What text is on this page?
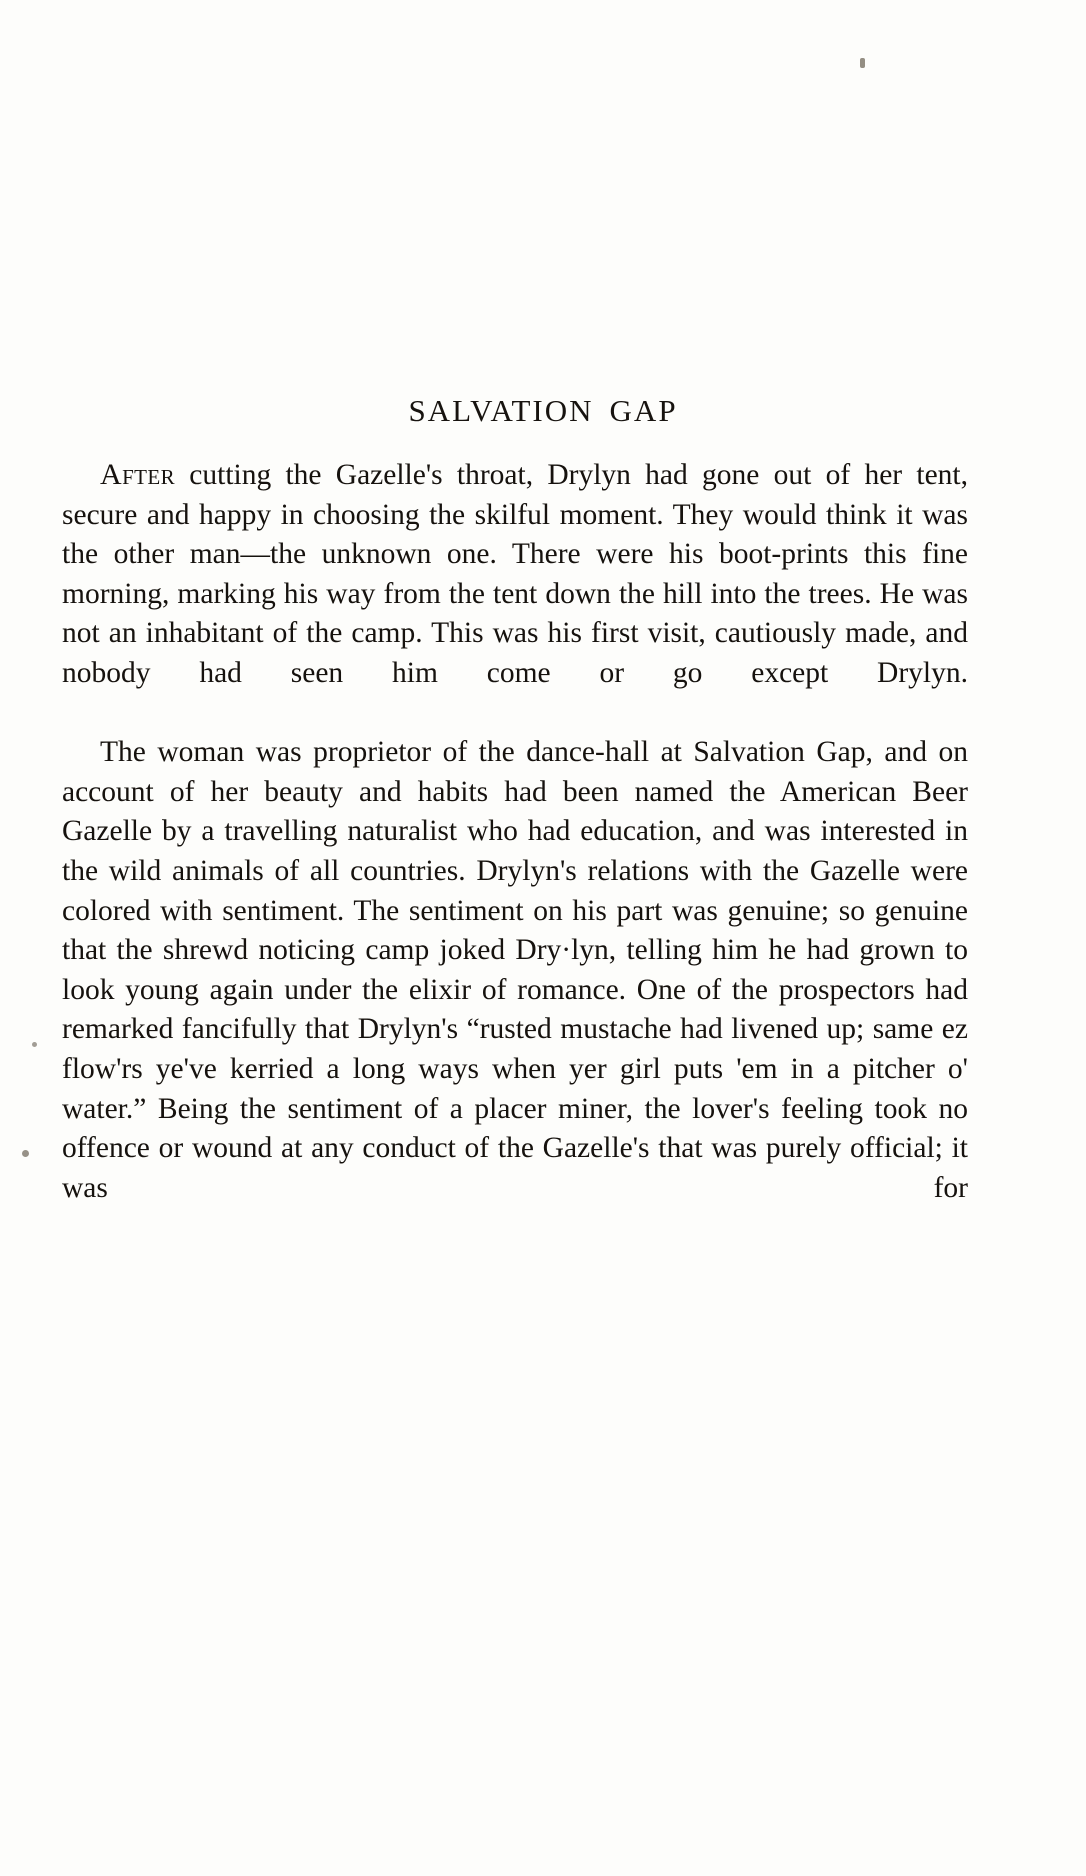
SALVATION GAP

After cutting the Gazelle's throat, Drylyn had gone out of her tent, secure and happy in choosing the skilful moment. They would think it was the other man—the unknown one. There were his boot-prints this fine morning, marking his way from the tent down the hill into the trees. He was not an inhabitant of the camp. This was his first visit, cautiously made, and nobody had seen him come or go except Drylyn.

The woman was proprietor of the dance‑hall at Salvation Gap, and on account of her beauty and habits had been named the American Beer Gazelle by a travelling naturalist who had education, and was interested in the wild animals of all countries. Drylyn's relations with the Gazelle were colored with sentiment. The sentiment on his part was genuine; so genuine that the shrewd noticing camp joked Dry·lyn, telling him he had grown to look young again under the elixir of romance. One of the prospectors had remarked fancifully that Drylyn's “rusted mustache had livened up; same ez flow'rs ye've kerried a long ways when yer girl puts 'em in a pitcher o' water.” Being the sentiment of a placer miner, the lover's feeling took no offence or wound at any conduct of the Gazelle's that was purely official; it was for
